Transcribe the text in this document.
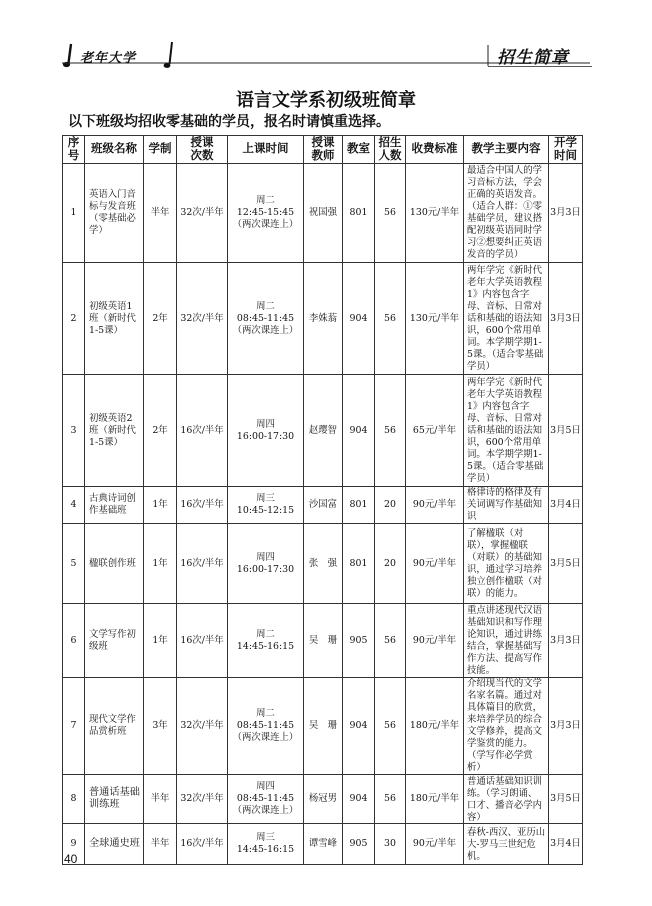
老年大学	招生简章
语言文学系初级班简章
以下班级均招收零基础的学员，报名时请慎重选择。
序号	班级名称	学制	授课次数	上课时间	授课教师	教室	招生人数	收费标准	教学主要内容	开学时间
1	英语入门音标与发音班（零基础必学）	半年	32次/半年	周二
12:45-15:45
（两次课连上）	祝国强	801	56	130元/半年	最适合中国人的学习音标方法，学会正确的英语发音。（适合人群：①零基础学员，建议搭配初级英语同时学习②想要纠正英语发音的学员）	3月3日
2	初级英语1班（新时代1-5课）	2年	32次/半年	周二
08:45-11:45
（两次课连上）	李姝蓊	904	56	130元/半年	两年学完《新时代老年大学英语教程1》内容包含字母、音标、日常对话和基础的语法知识，600个常用单词。本学期学期1-5课。（适合零基础学员）	3月3日
3	初级英语2班（新时代1-5课）	2年	16次/半年	周四
16:00-17:30	赵璎智	904	56	65元/半年	两年学完《新时代老年大学英语教程1》内容包含字母、音标、日常对话和基础的语法知识，600个常用单词。本学期学期1-5课。（适合零基础学员）	3月5日
4	古典诗词创作基础班	1年	16次/半年	周三
10:45-12:15	沙国富	801	20	90元/半年	格律诗的格律及有关词调写作基础知识	3月4日
5	楹联创作班	1年	16次/半年	周四
16:00-17:30	张　强	801	20	90元/半年	了解楹联（对联），掌握楹联（对联）的基础知识，通过学习培养独立创作楹联（对联）的能力。	3月5日
6	文学写作初级班	1年	16次/半年	周二
14:45-16:15	吴　珊	905	56	90元/半年	重点讲述现代汉语基础知识和写作理论知识，通过讲练结合，掌握基础写作方法、提高写作技能。	3月3日
7	现代文学作品赏析班	3年	32次/半年	周二
08:45-11:45
（两次课连上）	吴　珊	904	56	180元/半年	介绍现当代的文学名家名篇。通过对具体篇目的欣赏，来培养学员的综合文学修养，提高文学鉴赏的能力。（学写作必学赏析）	3月3日
8	普通话基础训练班	半年	32次/半年	周四
08:45-11:45
（两次课连上）	杨冠男	904	56	180元/半年	普通话基础知识训练。（学习朗诵、口才、播音必学内容）	3月5日
9	全球通史班	半年	16次/半年	周三
14:45-16:15	谭雪峰	905	30	90元/半年	春秋-西汉、亚历山大-罗马三世纪危机。	3月4日
40
